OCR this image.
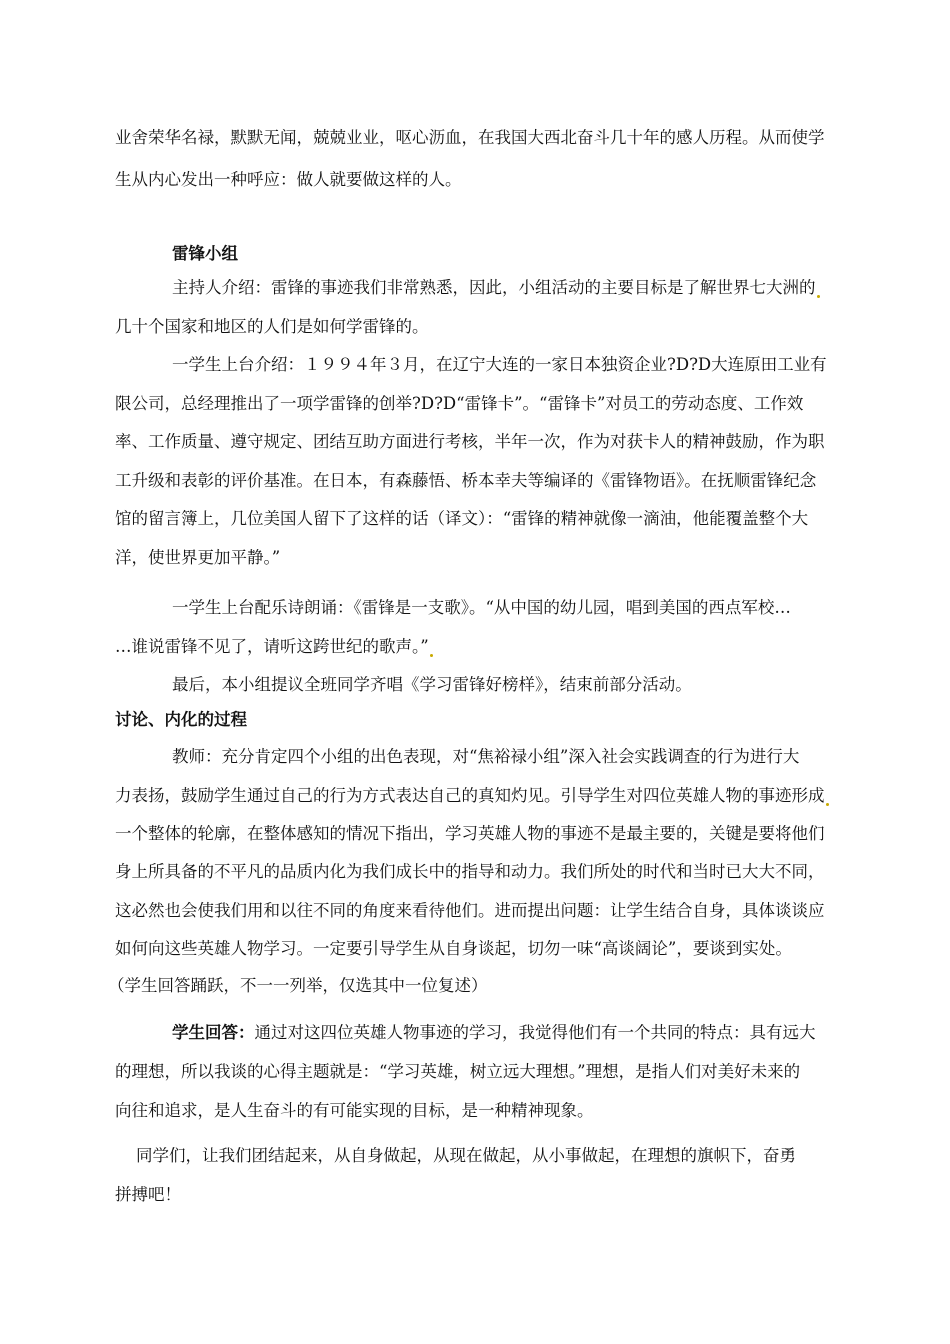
业舍荣华名禄，默默无闻，兢兢业业，呕心沥血，在我国大西北奋斗几十年的感人历程。从而使学
生从内心发出一种呼应：做人就要做这样的人。
雷锋小组
主持人介绍：雷锋的事迹我们非常熟悉，因此，小组活动的主要目标是了解世界七大洲的
几十个国家和地区的人们是如何学雷锋的。
一学生上台介绍：１９９４年３月，在辽宁大连的一家日本独资企业?D?D大连原田工业有
限公司，总经理推出了一项学雷锋的创举?D?D“雷锋卡”。“雷锋卡”对员工的劳动态度、工作效
率、工作质量、遵守规定、团结互助方面进行考核，半年一次，作为对获卡人的精神鼓励，作为职
工升级和表彰的评价基准。在日本，有森藤悟、桥本幸夫等编译的《雷锋物语》。在抚顺雷锋纪念
馆的留言簿上，几位美国人留下了这样的话（译文）：“雷锋的精神就像一滴油，他能覆盖整个大
洋，使世界更加平静。”
一学生上台配乐诗朗诵：《雷锋是一支歌》。“从中国的幼儿园，唱到美国的西点军校…
…谁说雷锋不见了，请听这跨世纪的歌声。”
最后，本小组提议全班同学齐唱《学习雷锋好榜样》，结束前部分活动。
讨论、内化的过程
教师：充分肯定四个小组的出色表现，对“焦裕禄小组”深入社会实践调查的行为进行大
力表扬，鼓励学生通过自己的行为方式表达自己的真知灼见。引导学生对四位英雄人物的事迹形成
一个整体的轮廓，在整体感知的情况下指出，学习英雄人物的事迹不是最主要的，关键是要将他们
身上所具备的不平凡的品质内化为我们成长中的指导和动力。我们所处的时代和当时已大大不同，
这必然也会使我们用和以往不同的角度来看待他们。进而提出问题：让学生结合自身，具体谈谈应
如何向这些英雄人物学习。一定要引导学生从自身谈起，切勿一味“高谈阔论”，要谈到实处。
（学生回答踊跃，不一一列举，仅选其中一位复述）
学生回答：通过对这四位英雄人物事迹的学习，我觉得他们有一个共同的特点：具有远大
的理想，所以我谈的心得主题就是：“学习英雄，树立远大理想。”理想，是指人们对美好未来的
向往和追求，是人生奋斗的有可能实现的目标，是一种精神现象。
同学们，让我们团结起来，从自身做起，从现在做起，从小事做起，在理想的旗帜下，奋勇
拼搏吧！
